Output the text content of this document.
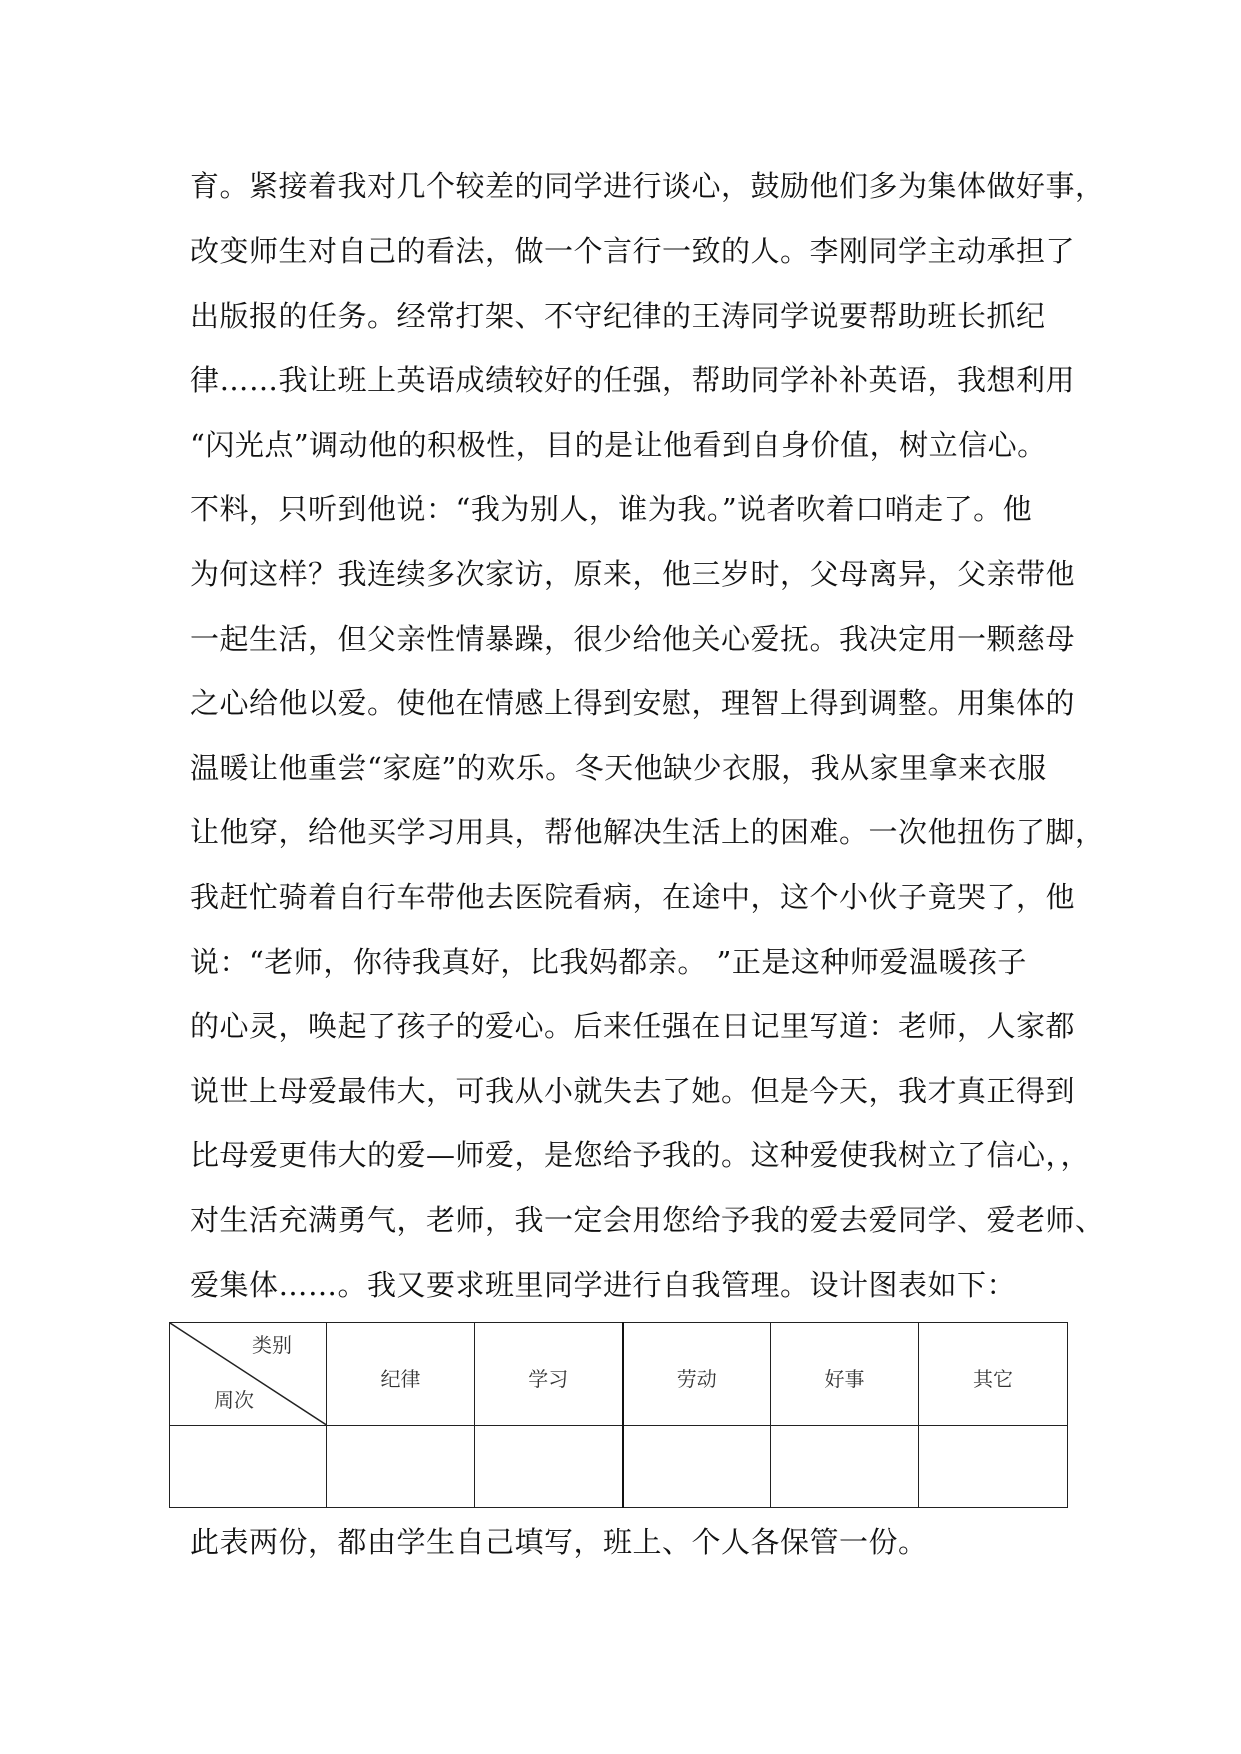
育。紧接着我对几个较差的同学进行谈心，鼓励他们多为集体做好事，
改变师生对自己的看法，做一个言行一致的人。李刚同学主动承担了
出版报的任务。经常打架、不守纪律的王涛同学说要帮助班长抓纪
律……我让班上英语成绩较好的任强，帮助同学补补英语，我想利用
“闪光点”调动他的积极性，目的是让他看到自身价值，树立信心。
不料，只听到他说：“我为别人，谁为我。”说者吹着口哨走了。他
为何这样？我连续多次家访，原来，他三岁时，父母离异，父亲带他
一起生活，但父亲性情暴躁，很少给他关心爱抚。我决定用一颗慈母
之心给他以爱。使他在情感上得到安慰，理智上得到调整。用集体的
温暖让他重尝“家庭”的欢乐。冬天他缺少衣服，我从家里拿来衣服
让他穿，给他买学习用具，帮他解决生活上的困难。一次他扭伤了脚，
我赶忙骑着自行车带他去医院看病，在途中，这个小伙子竟哭了，他
说：“老师，你待我真好，比我妈都亲。 ”正是这种师爱温暖孩子
的心灵，唤起了孩子的爱心。后来任强在日记里写道：老师，人家都
说世上母爱最伟大，可我从小就失去了她。但是今天，我才真正得到
比母爱更伟大的爱—师爱，是您给予我的。这种爱使我树立了信心，，
对生活充满勇气，老师，我一定会用您给予我的爱去爱同学、爱老师、
爱集体……。我又要求班里同学进行自我管理。设计图表如下：
类别
周次	纪律	学习	劳动	好事	其它

此表两份，都由学生自己填写，班上、个人各保管一份。
